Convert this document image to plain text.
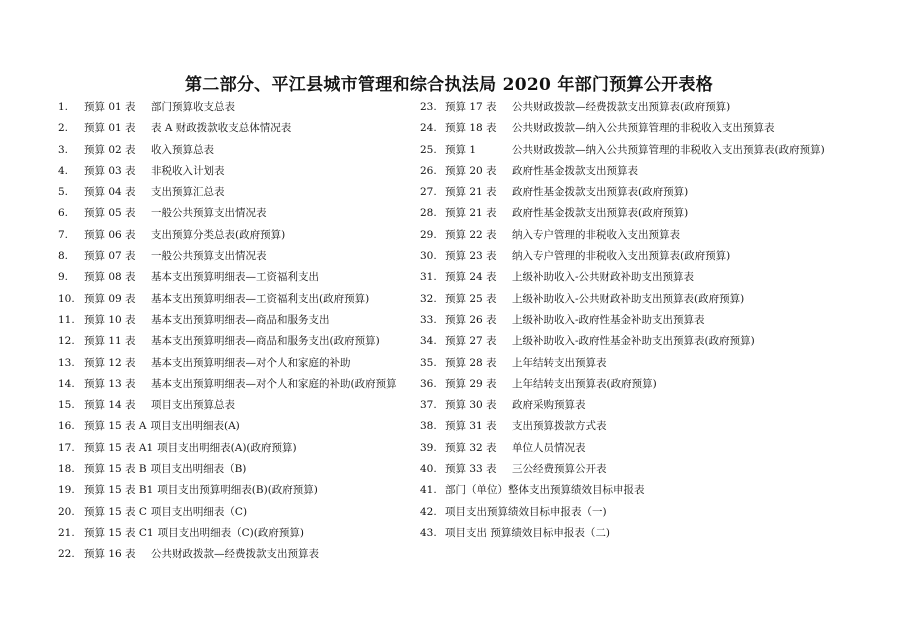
第二部分、平江县城市管理和综合执法局 2020 年部门预算公开表格
1. 预算 01 表 部门预算收支总表
2. 预算 01 表 表 A 财政拨款收支总体情况表
3. 预算 02 表 收入预算总表
4. 预算 03 表 非税收入计划表
5. 预算 04 表 支出预算汇总表
6. 预算 05 表 一般公共预算支出情况表
7. 预算 06 表 支出预算分类总表(政府预算)
8. 预算 07 表 一般公共预算支出情况表
9. 预算 08 表 基本支出预算明细表—工资福利支出
10. 预算 09 表 基本支出预算明细表—工资福利支出(政府预算)
11. 预算 10 表 基本支出预算明细表—商品和服务支出
12. 预算 11 表 基本支出预算明细表—商品和服务支出(政府预算)
13. 预算 12 表 基本支出预算明细表—对个人和家庭的补助
14. 预算 13 表 基本支出预算明细表—对个人和家庭的补助(政府预算
15. 预算 14 表 项目支出预算总表
16. 预算 15 表 A 项目支出明细表(A)
17. 预算 15 表 A1 项目支出明细表(A)(政府预算)
18. 预算 15 表 B 项目支出明细表（B)
19. 预算 15 表 B1 项目支出预算明细表(B)(政府预算)
20. 预算 15 表 C 项目支出明细表（C)
21. 预算 15 表 C1 项目支出明细表（C)(政府预算)
22. 预算 16 表 公共财政拨款—经费拨款支出预算表
23. 预算 17 表 公共财政拨款—经费拨款支出预算表(政府预算)
24. 预算 18 表 公共财政拨款—纳入公共预算管理的非税收入支出预算表
25. 预算 1	公共财政拨款—纳入公共预算管理的非税收入支出预算表(政府预算)
26. 预算 20 表 政府性基金拨款支出预算表
27. 预算 21 表 政府性基金拨款支出预算表(政府预算)
28. 预算 21 表 政府性基金拨款支出预算表(政府预算)
29. 预算 22 表 纳入专户管理的非税收入支出预算表
30. 预算 23 表 纳入专户管理的非税收入支出预算表(政府预算)
31. 预算 24 表 上级补助收入-公共财政补助支出预算表
32. 预算 25 表 上级补助收入-公共财政补助支出预算表(政府预算)
33. 预算 26 表 上级补助收入-政府性基金补助支出预算表
34. 预算 27 表 上级补助收入-政府性基金补助支出预算表(政府预算)
35. 预算 28 表 上年结转支出预算表
36. 预算 29 表 上年结转支出预算表(政府预算)
37. 预算 30 表 政府采购预算表
38. 预算 31 表 支出预算拨款方式表
39. 预算 32 表 单位人员情况表
40. 预算 33 表 三公经费预算公开表
41. 部门（单位）整体支出预算绩效目标申报表
42. 项目支出预算绩效目标申报表（一)
43. 项目支出 预算绩效目标申报表（二)
